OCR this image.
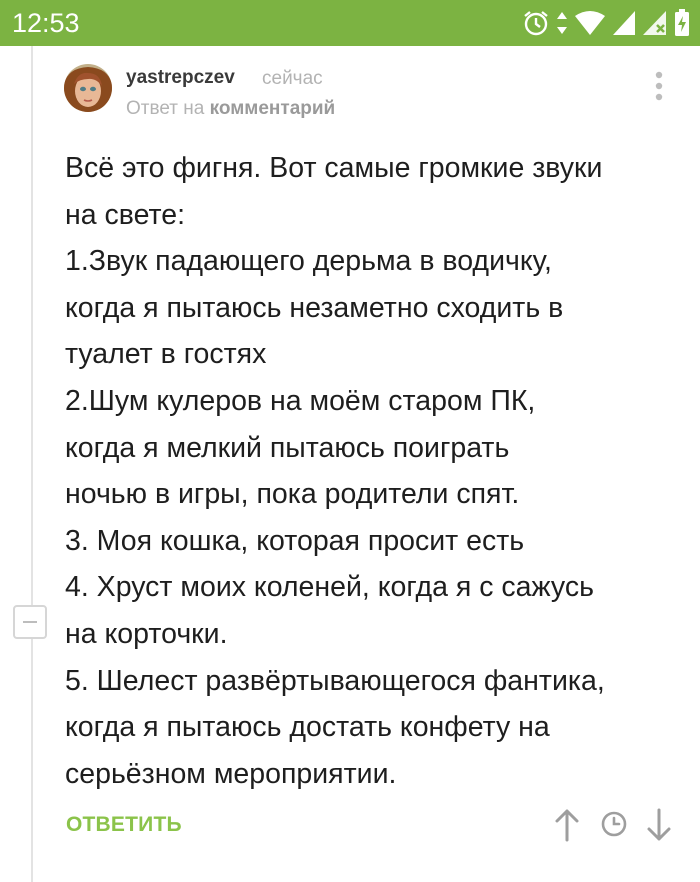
12:53
yastrepczev сейчас
Ответ на комментарий
Всё это фигня. Вот самые громкие звуки
на свете:
1.Звук падающего дерьма в водичку,
когда я пытаюсь незаметно сходить в
туалет в гостях
2.Шум кулеров на моём старом ПК,
когда я мелкий пытаюсь поиграть
ночью в игры, пока родители спят.
3. Моя кошка, которая просит есть
4. Хруст моих коленей, когда я с сажусь
на корточки.
5. Шелест развёртывающегося фантика,
когда я пытаюсь достать конфету на
серьёзном мероприятии.
ОТВЕТИТЬ
